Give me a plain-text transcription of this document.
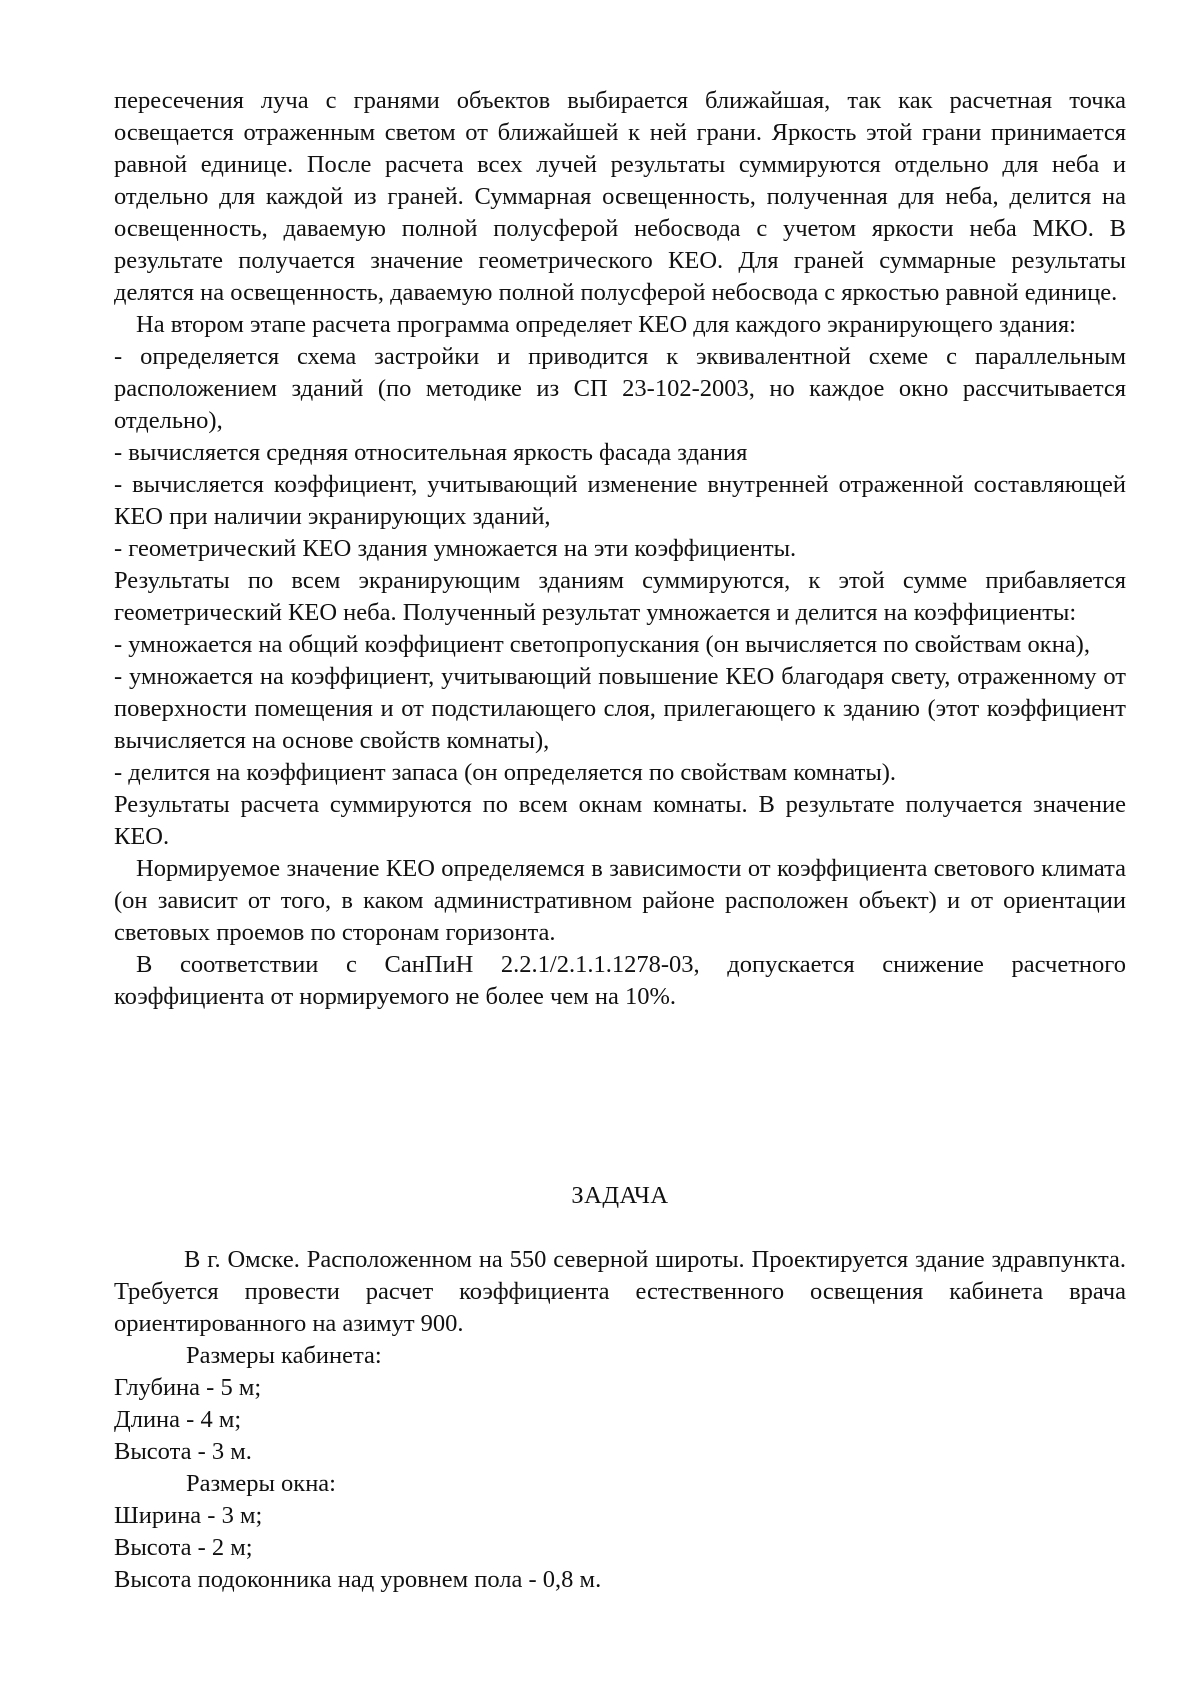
пересечения луча с гранями объектов выбирается ближайшая, так как расчетная точка освещается отраженным светом от ближайшей к ней грани. Яркость этой грани принимается равной единице. После расчета всех лучей результаты суммируются отдельно для неба и отдельно для каждой из граней. Суммарная освещенность, полученная для неба, делится на освещенность, даваемую полной полусферой небосвода с учетом яркости неба МКО. В результате получается значение геометрического КЕО. Для граней суммарные результаты делятся на освещенность, даваемую полной полусферой небосвода с яркостью равной единице.

На втором этапе расчета программа определяет КЕО для каждого экранирующего здания:

- определяется схема застройки и приводится к эквивалентной схеме с параллельным расположением зданий (по методике из СП 23-102-2003, но каждое окно рассчитывается отдельно),

- вычисляется средняя относительная яркость фасада здания

- вычисляется коэффициент, учитывающий изменение внутренней отраженной составляющей КЕО при наличии экранирующих зданий,

- геометрический КЕО здания умножается на эти коэффициенты.

Результаты по всем экранирующим зданиям суммируются, к этой сумме прибавляется геометрический КЕО неба. Полученный результат умножается и делится на коэффициенты:

- умножается на общий коэффициент светопропускания (он вычисляется по свойствам окна),

- умножается на коэффициент, учитывающий повышение КЕО благодаря свету, отраженному от поверхности помещения и от подстилающего слоя, прилегающего к зданию (этот коэффициент вычисляется на основе свойств комнаты),

- делится на коэффициент запаса (он определяется по свойствам комнаты).

Результаты расчета суммируются по всем окнам комнаты. В результате получается значение КЕО.

Нормируемое значение КЕО определяемся в зависимости от коэффициента светового климата (он зависит от того, в каком административном районе расположен объект) и от ориентации световых проемов по сторонам горизонта.

В соответствии с СанПиН 2.2.1/2.1.1.1278-03, допускается снижение расчетного коэффициента от нормируемого не более чем на 10%.

ЗАДАЧА

В г. Омске. Расположенном на 550 северной широты. Проектируется здание здравпункта. Требуется провести расчет коэффициента естественного освещения кабинета врача ориентированного на азимут 900.

Размеры кабинета:

Глубина - 5 м;

Длина - 4 м;

Высота - 3 м.

Размеры окна:

Ширина - 3 м;

Высота - 2 м;

Высота подоконника над уровнем пола - 0,8 м.
